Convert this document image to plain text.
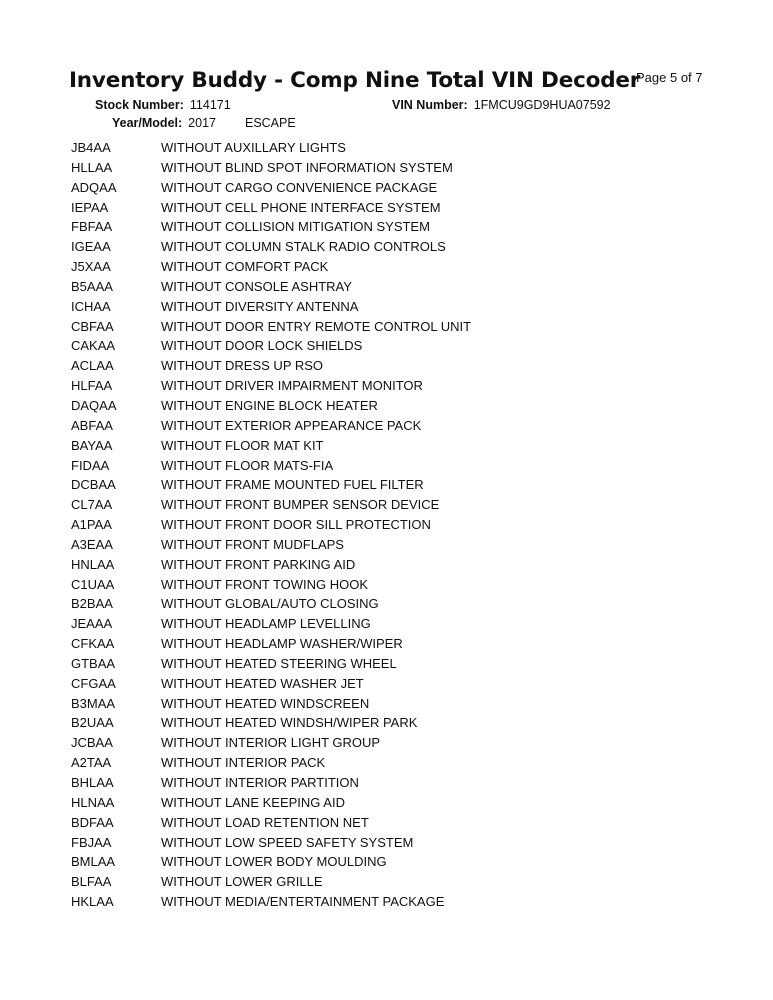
Inventory Buddy - Comp Nine Total VIN Decoder
Page 5 of 7
Stock Number: 114171
Year/Model: 2017 ESCAPE
VIN Number: 1FMCU9GD9HUA07592
JB4AA	WITHOUT AUXILLARY LIGHTS
HLLAA	WITHOUT BLIND SPOT INFORMATION SYSTEM
ADQAA	WITHOUT CARGO CONVENIENCE PACKAGE
IEPAA	WITHOUT CELL PHONE INTERFACE SYSTEM
FBFAA	WITHOUT COLLISION MITIGATION SYSTEM
IGEAA	WITHOUT COLUMN STALK RADIO CONTROLS
J5XAA	WITHOUT COMFORT PACK
B5AAA	WITHOUT CONSOLE ASHTRAY
ICHAA	WITHOUT DIVERSITY ANTENNA
CBFAA	WITHOUT DOOR ENTRY REMOTE CONTROL UNIT
CAKAA	WITHOUT DOOR LOCK SHIELDS
ACLAA	WITHOUT DRESS UP RSO
HLFAA	WITHOUT DRIVER IMPAIRMENT MONITOR
DAQAA	WITHOUT ENGINE BLOCK HEATER
ABFAA	WITHOUT EXTERIOR APPEARANCE PACK
BAYAA	WITHOUT FLOOR MAT KIT
FIDAA	WITHOUT FLOOR MATS-FIA
DCBAA	WITHOUT FRAME MOUNTED FUEL FILTER
CL7AA	WITHOUT FRONT BUMPER SENSOR DEVICE
A1PAA	WITHOUT FRONT DOOR SILL PROTECTION
A3EAA	WITHOUT FRONT MUDFLAPS
HNLAA	WITHOUT FRONT PARKING AID
C1UAA	WITHOUT FRONT TOWING HOOK
B2BAA	WITHOUT GLOBAL/AUTO CLOSING
JEAAA	WITHOUT HEADLAMP LEVELLING
CFKAA	WITHOUT HEADLAMP WASHER/WIPER
GTBAA	WITHOUT HEATED STEERING WHEEL
CFGAA	WITHOUT HEATED WASHER JET
B3MAA	WITHOUT HEATED WINDSCREEN
B2UAA	WITHOUT HEATED WINDSH/WIPER PARK
JCBAA	WITHOUT INTERIOR LIGHT GROUP
A2TAA	WITHOUT INTERIOR PACK
BHLAA	WITHOUT INTERIOR PARTITION
HLNAA	WITHOUT LANE KEEPING AID
BDFAA	WITHOUT LOAD RETENTION NET
FBJAA	WITHOUT LOW SPEED SAFETY SYSTEM
BMLAA	WITHOUT LOWER BODY MOULDING
BLFAA	WITHOUT LOWER GRILLE
HKLAA	WITHOUT MEDIA/ENTERTAINMENT PACKAGE
